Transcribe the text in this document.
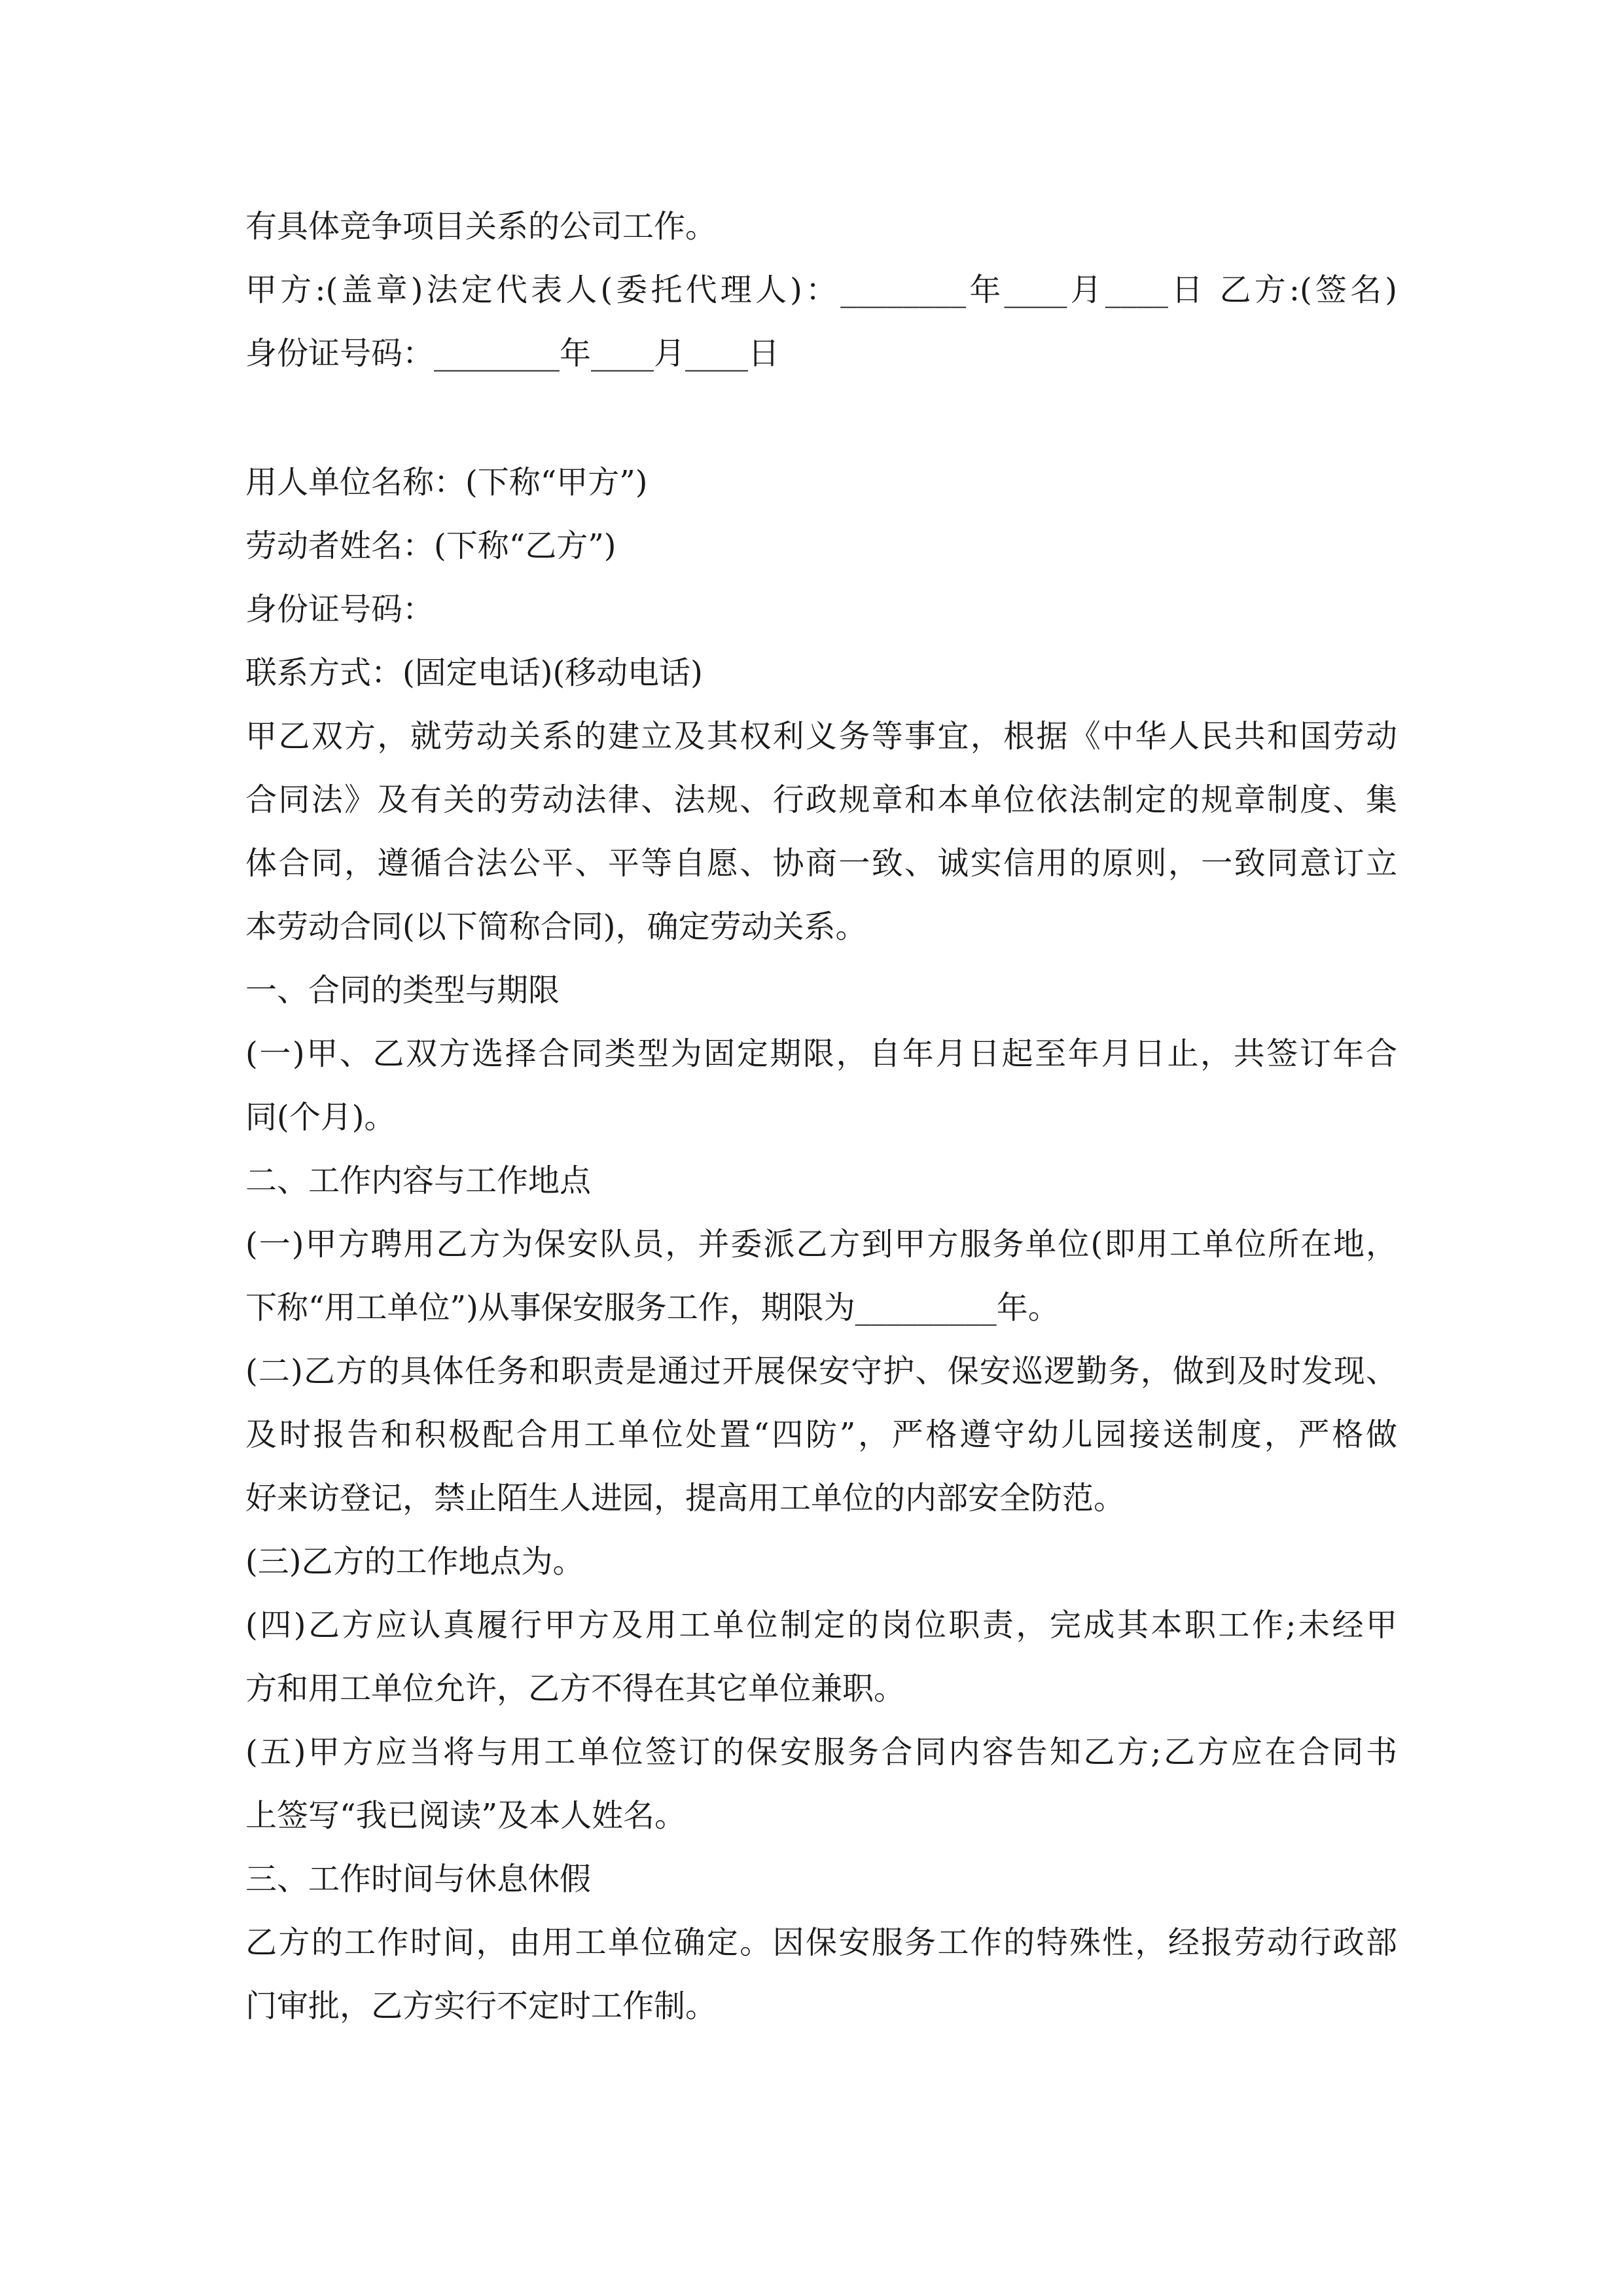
有具体竞争项目关系的公司工作。
甲方:(盖章)法定代表人(委托代理人)：________年____月____日 乙方:(签名)
身份证号码：________年____月____日
用人单位名称：(下称“甲方”)
劳动者姓名：(下称“乙方”)
身份证号码：
联系方式：(固定电话)(移动电话)
甲乙双方，就劳动关系的建立及其权利义务等事宜，根据《中华人民共和国劳动
合同法》及有关的劳动法律、法规、行政规章和本单位依法制定的规章制度、集
体合同，遵循合法公平、平等自愿、协商一致、诚实信用的原则，一致同意订立
本劳动合同(以下简称合同)，确定劳动关系。
一、合同的类型与期限
(一)甲、乙双方选择合同类型为固定期限，自年月日起至年月日止，共签订年合
同(个月)。
二、工作内容与工作地点
(一)甲方聘用乙方为保安队员，并委派乙方到甲方服务单位(即用工单位所在地，
下称“用工单位”)从事保安服务工作，期限为_________年。
(二)乙方的具体任务和职责是通过开展保安守护、保安巡逻勤务，做到及时发现、
及时报告和积极配合用工单位处置“四防”，严格遵守幼儿园接送制度，严格做
好来访登记，禁止陌生人进园，提高用工单位的内部安全防范。
(三)乙方的工作地点为。
(四)乙方应认真履行甲方及用工单位制定的岗位职责，完成其本职工作;未经甲
方和用工单位允许，乙方不得在其它单位兼职。
(五)甲方应当将与用工单位签订的保安服务合同内容告知乙方;乙方应在合同书
上签写“我已阅读”及本人姓名。
三、工作时间与休息休假
乙方的工作时间，由用工单位确定。因保安服务工作的特殊性，经报劳动行政部
门审批，乙方实行不定时工作制。
